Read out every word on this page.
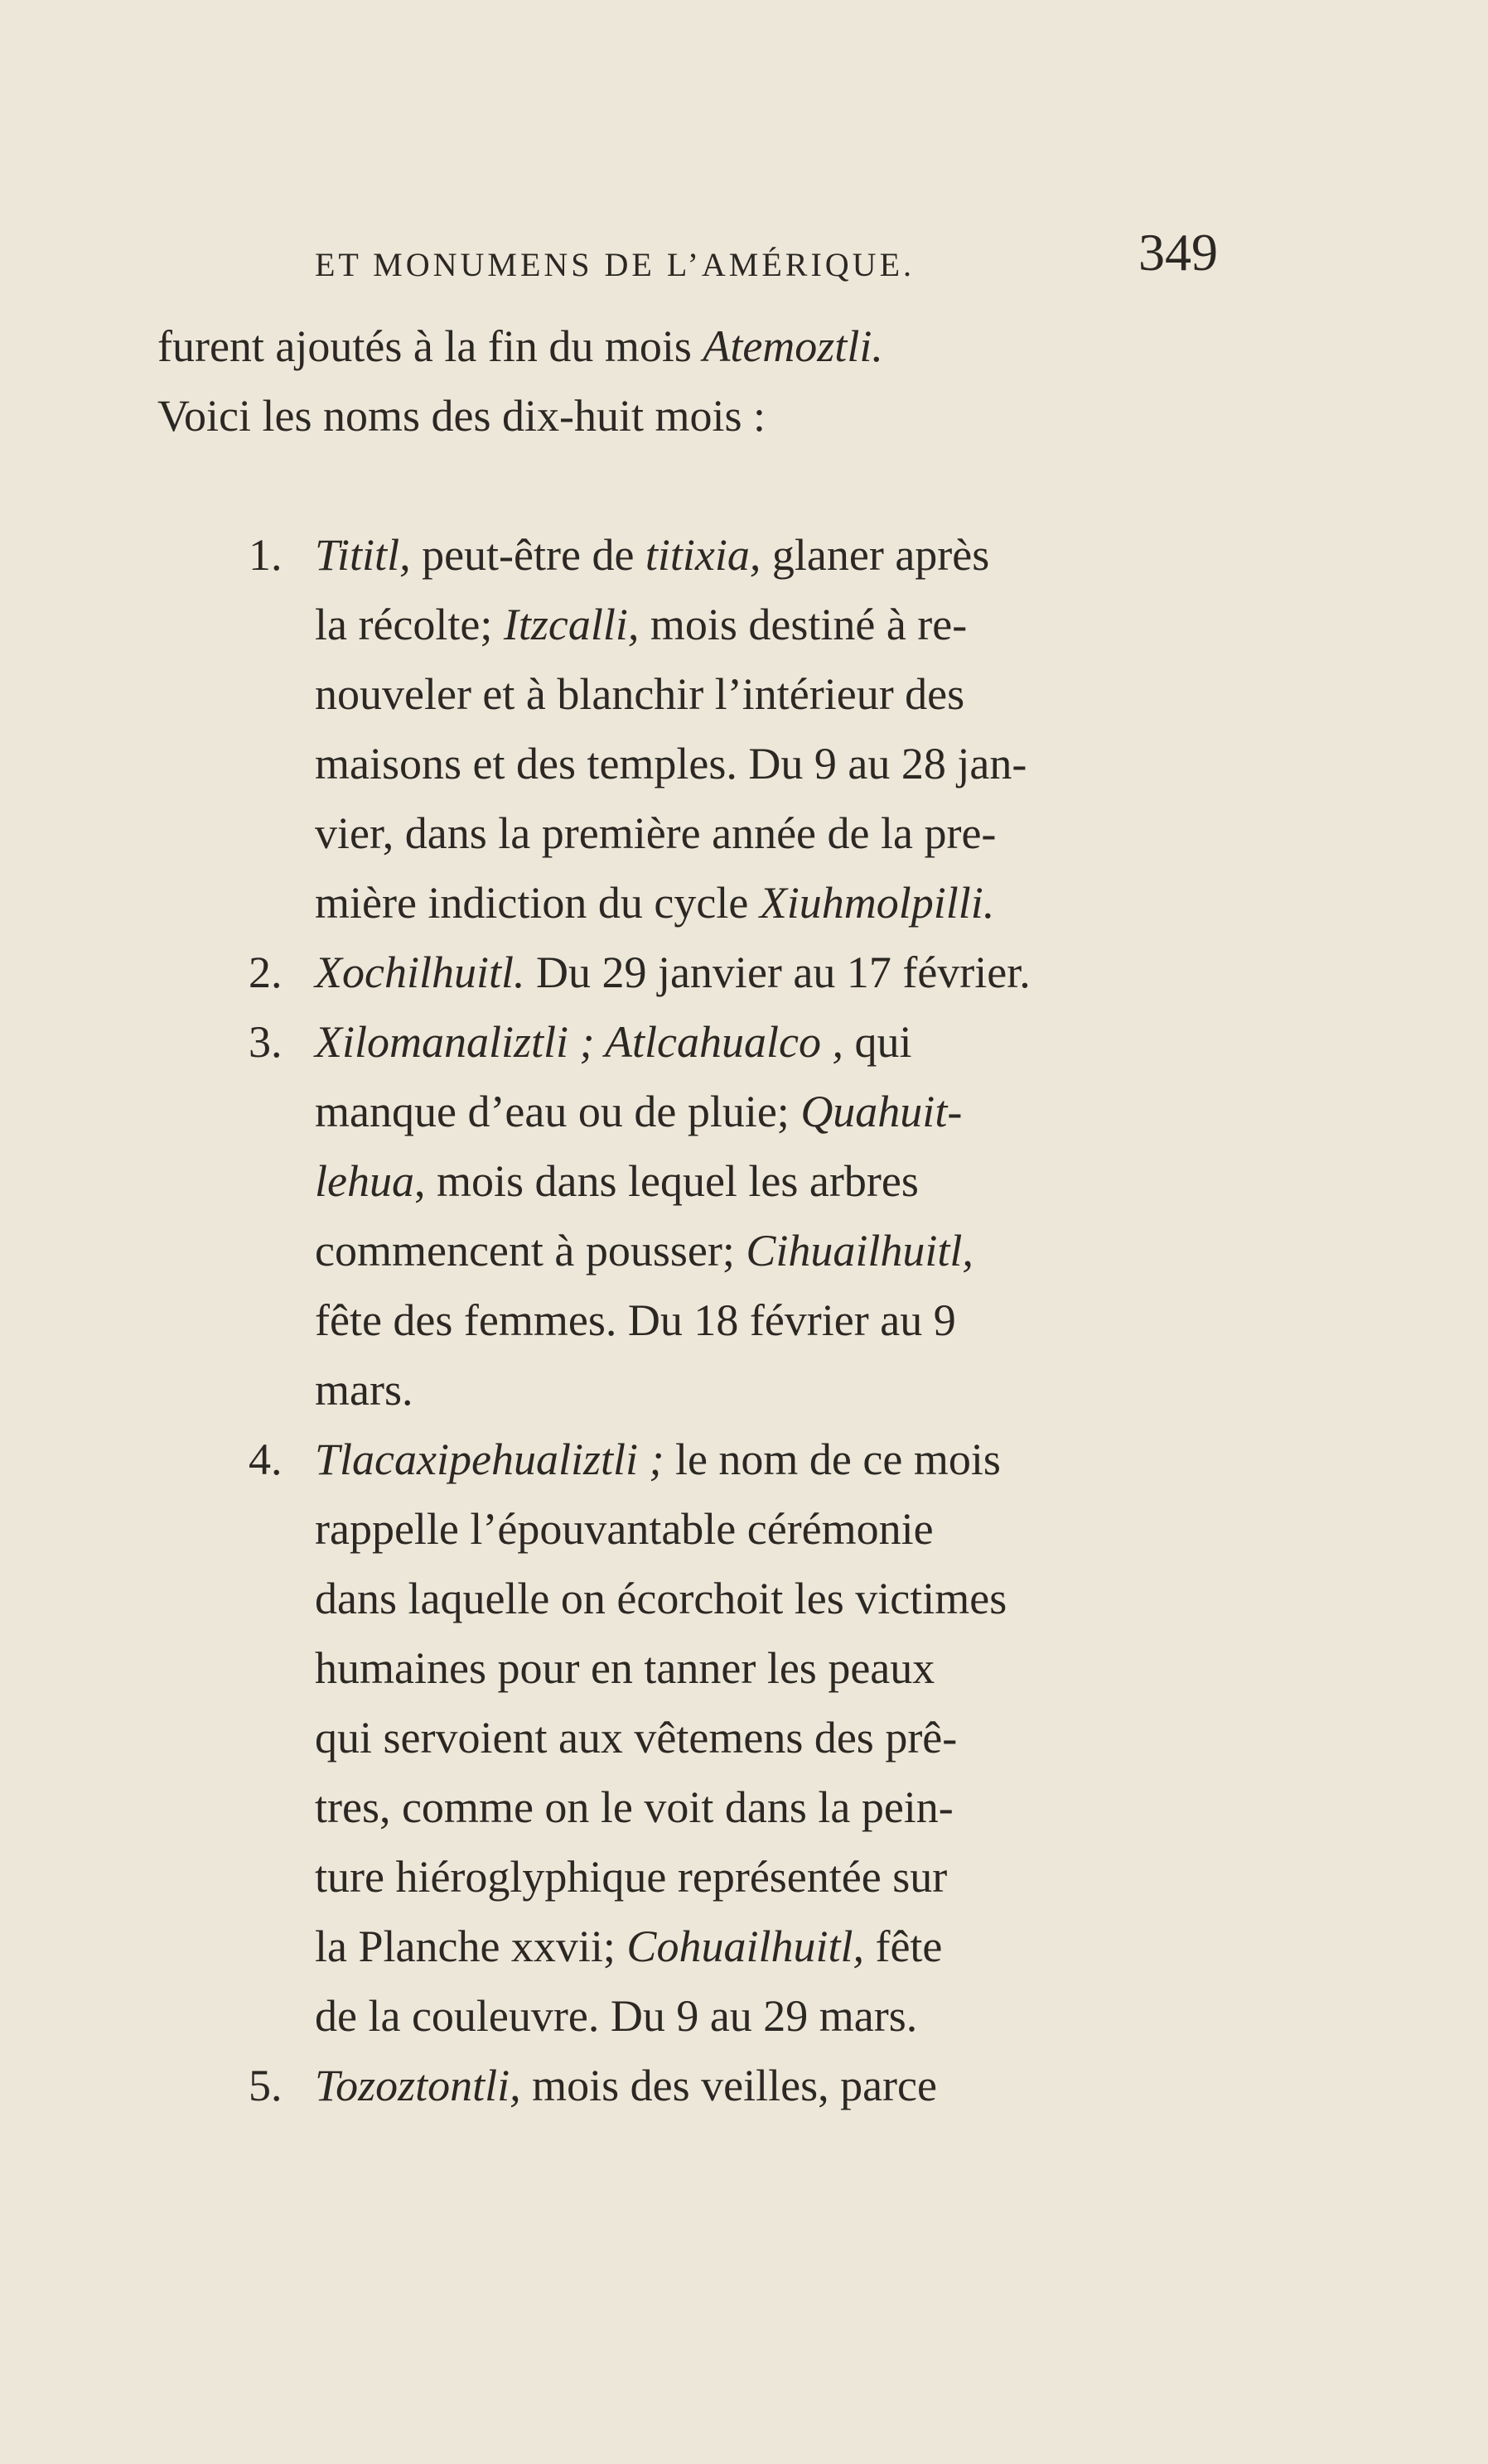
ET MONUMENS DE L’AMÉRIQUE.	349
furent ajoutés à la fin du mois Atemoztli.
Voici les noms des dix-huit mois :
1. Tititl, peut-être de titixia, glaner après
la récolte; Itzcalli, mois destiné à re-
nouveler et à blanchir l’intérieur des
maisons et des temples. Du 9 au 28 jan-
vier, dans la première année de la pre-
mière indiction du cycle Xiuhmolpilli.
2. Xochilhuitl. Du 29 janvier au 17 février.
3. Xilomanaliztli ; Atlcahualco , qui
manque d’eau ou de pluie; Quahuit-
lehua, mois dans lequel les arbres
commencent à pousser; Cihuailhuitl,
fête des femmes. Du 18 février au 9
mars.
4. Tlacaxipehualiztli ; le nom de ce mois
rappelle l’épouvantable cérémonie
dans laquelle on écorchoit les victimes
humaines pour en tanner les peaux
qui servoient aux vêtemens des prê-
tres, comme on le voit dans la pein-
ture hiéroglyphique représentée sur
la Planche xxvii; Cohuailhuitl, fête
de la couleuvre. Du 9 au 29 mars.
5. Tozoztontli, mois des veilles, parce
